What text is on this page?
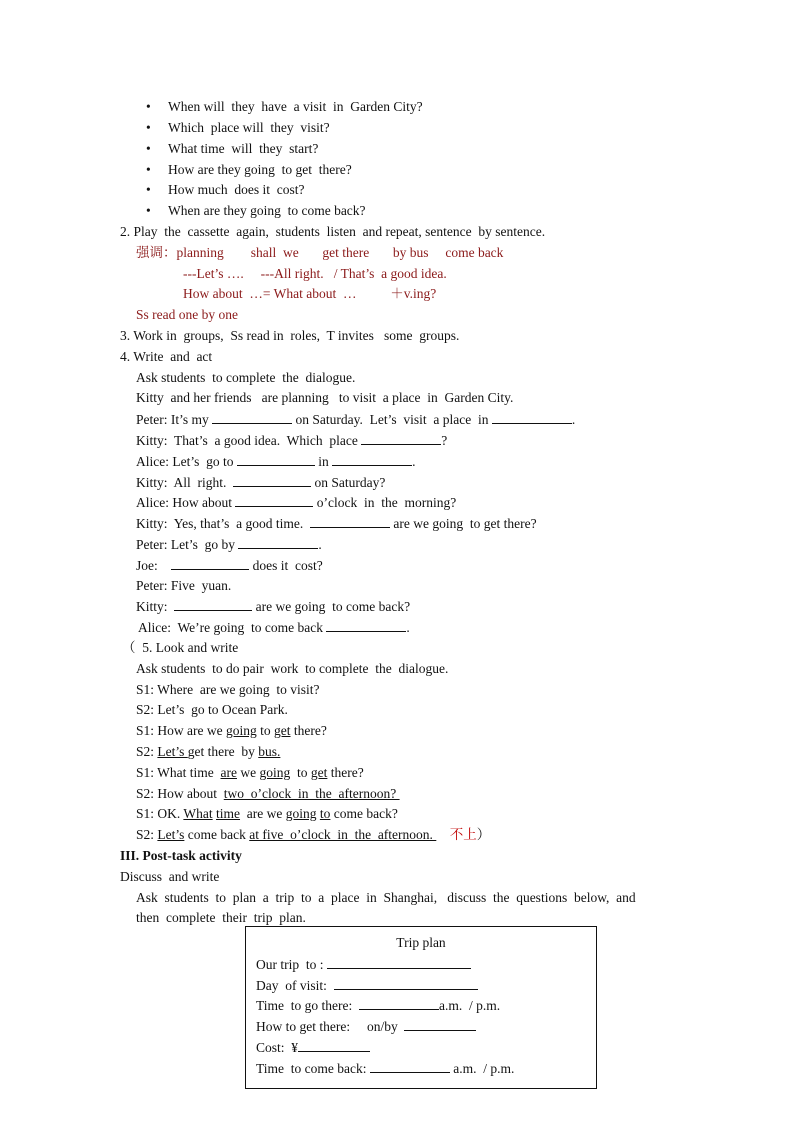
• When will  they  have  a visit  in  Garden City?
• Which  place will  they  visit?
• What time  will  they  start?
• How are they going  to get  there?
• How much  does it  cost?
• When are they going  to come back?
2. Play  the  cassette  again,  students  listen  and repeat, sentence  by sentence.
强调：planning        shall  we       get there       by bus     come back
---Let’s ….     ---All right.   / That’s  a good idea.
How about  …= What about  …          ＋v.ing?
Ss read one by one
3. Work in  groups,  Ss read in  roles,  T invites   some  groups.
4. Write  and  act
Ask students  to complete  the  dialogue.
Kitty  and her friends   are planning   to visit  a place  in  Garden City.
Peter: It’s my	on Saturday.  Let’s  visit  a place  in	.
Kitty:  That’s  a good idea.  Which  place	?
Alice: Let’s  go to	in	.
Kitty:  All  right.	on Saturday?
Alice: How about	o’clock  in  the  morning?
Kitty:  Yes, that’s  a good time.	are we going  to get there?
Peter: Let’s  go by	.
Joe:	does it  cost?
Peter: Five  yuan.
Kitty:	are we going  to come back?
Alice:  We’re going  to come back	.
（ 5. Look and write
Ask students  to do pair  work  to complete  the  dialogue.
S1: Where  are we going  to visit?
S2: Let’s  go to Ocean Park.
S1: How are we going to get there?
S2: Let’s get there  by bus.
S1: What time  are we going  to get there?
S2: How about  two  o’clock  in  the  afternoon?
S1: OK. What time  are we going to come back?
S2: Let’s come back at five  o’clock  in  the  afternoon.     不上）
III. Post-task activity
Discuss  and write
Ask  students  to  plan  a  trip  to  a  place  in  Shanghai,   discuss  the  questions  below,  and
then  complete  their  trip  plan.
Trip plan
Our trip  to :
Day  of visit:
Time  to go there:	a.m.  / p.m.
How to get there:     on/by
Cost:  ¥
Time  to come back:	a.m.  / p.m.
